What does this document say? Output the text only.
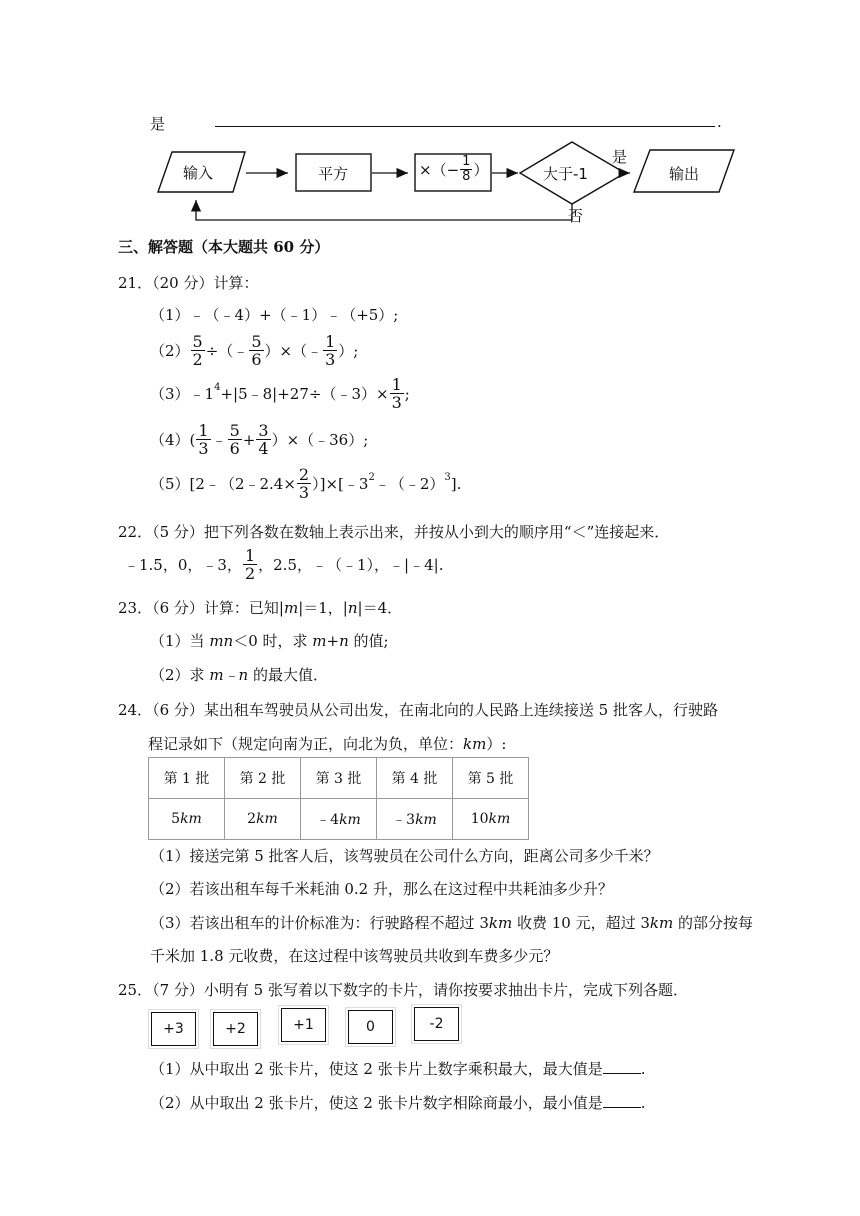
是	.
输入	平方	×（ − $\frac{1}{8}$ ）	大于-1
是
否
输出
三、解答题（本大题共 60 分）
21．（20 分）计算：
（1）﹣（﹣4）+（﹣1）﹣（+5）;
$(2) \frac{5}{2}$ ÷（﹣ $\frac{5}{6}$ ）×（﹣ $\frac{1}{3}$ ）;
$(3)﹣1^4$ +|5﹣8|+27÷（﹣3）× $\frac{1}{3}$ ;
$(4)( \frac{1}{3}$ ﹣ $\frac{5}{6} + \frac{3}{4}$ ）×（﹣36）;
（5）[2﹣（2﹣2.4× $\frac{2}{3}$ ）]$\times[﹣3^2$ ﹣（﹣2）$^3$ ].
22．（5 分）把下列各数在数轴上表示出来，并按从小到大的顺序用“＜”连接起来．
﹣1.5，0，﹣3， $\frac{1}{2}$ ，2.5，﹣（﹣1），﹣|﹣4|.
23．（6 分）计算：已知|m|＝1，|n|＝4．
（1）当 mn＜0 时，求 m+n 的值;
（2）求 m﹣n 的最大值．
24．（6 分）某出租车驾驶员从公司出发，在南北向的人民路上连续接送 5 批客人，行驶路
程记录如下（规定向南为正，向北为负，单位：km）:
第 1 批	第 2 批	第 3 批	第 4 批	第 5 批
5km	2km	﹣4km	﹣3km	10km
（1）接送完第 5 批客人后，该驾驶员在公司什么方向，距离公司多少千米？
（2）若该出租车每千米耗油 0.2 升，那么在这过程中共耗油多少升？
（3）若该出租车的计价标准为：行驶路程不超过 3km 收费 10 元，超过 3km 的部分按每
千米加 1.8 元收费，在这过程中该驾驶员共收到车费多少元？
25．（7 分）小明有 5 张写着以下数字的卡片，请你按要求抽出卡片，完成下列各题．
+3	+2	+1	0	-2
（1）从中取出 2 张卡片，使这 2 张卡片上数字乘积最大，最大值是	.
（2）从中取出 2 张卡片，使这 2 张卡片数字相除商最小，最小值是	.
